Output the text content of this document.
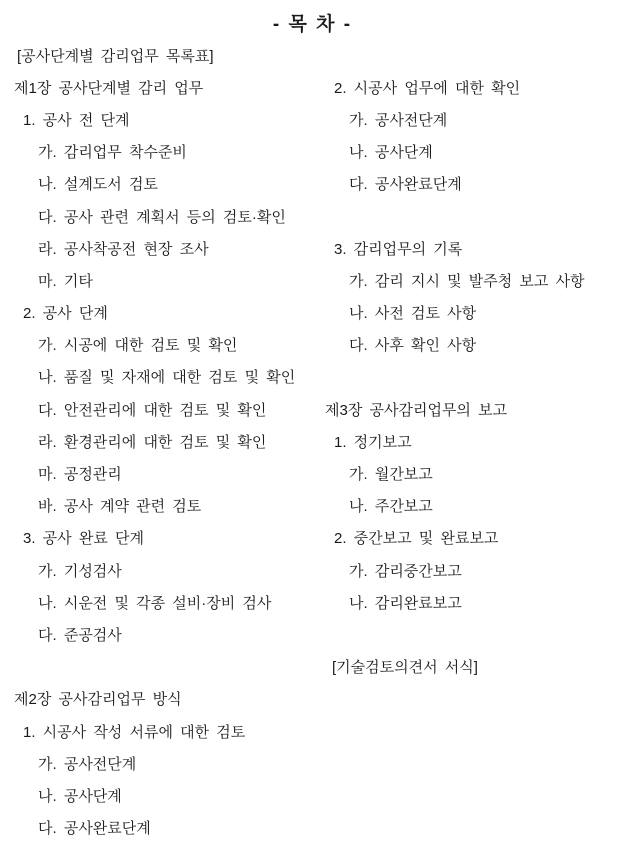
- 목 차 -
[공사단계별 감리업무 목록표]
제1장 공사단계별 감리 업무	2. 시공사 업무에 대한 확인
1. 공사 전 단계	가. 공사전단계
가. 감리업무 착수준비	나. 공사단계
나. 설계도서 검토	다. 공사완료단계
다. 공사 관련 계획서 등의 검토·확인
라. 공사착공전 현장 조사	3. 감리업무의 기록
마. 기타	가. 감리 지시 및 발주청 보고 사항
2. 공사 단계	나. 사전 검토 사항
가. 시공에 대한 검토 및 확인	다. 사후 확인 사항
나. 품질 및 자재에 대한 검토 및 확인
다. 안전관리에 대한 검토 및 확인	제3장 공사감리업무의 보고
라. 환경관리에 대한 검토 및 확인	1. 정기보고
마. 공정관리	가. 월간보고
바. 공사 계약 관련 검토	나. 주간보고
3. 공사 완료 단계	2. 중간보고 및 완료보고
가. 기성검사	가. 감리중간보고
나. 시운전 및 각종 설비·장비 검사	나. 감리완료보고
다. 준공검사
[기술검토의견서 서식]
제2장 공사감리업무 방식
1. 시공사 작성 서류에 대한 검토
가. 공사전단계
나. 공사단계
다. 공사완료단계
